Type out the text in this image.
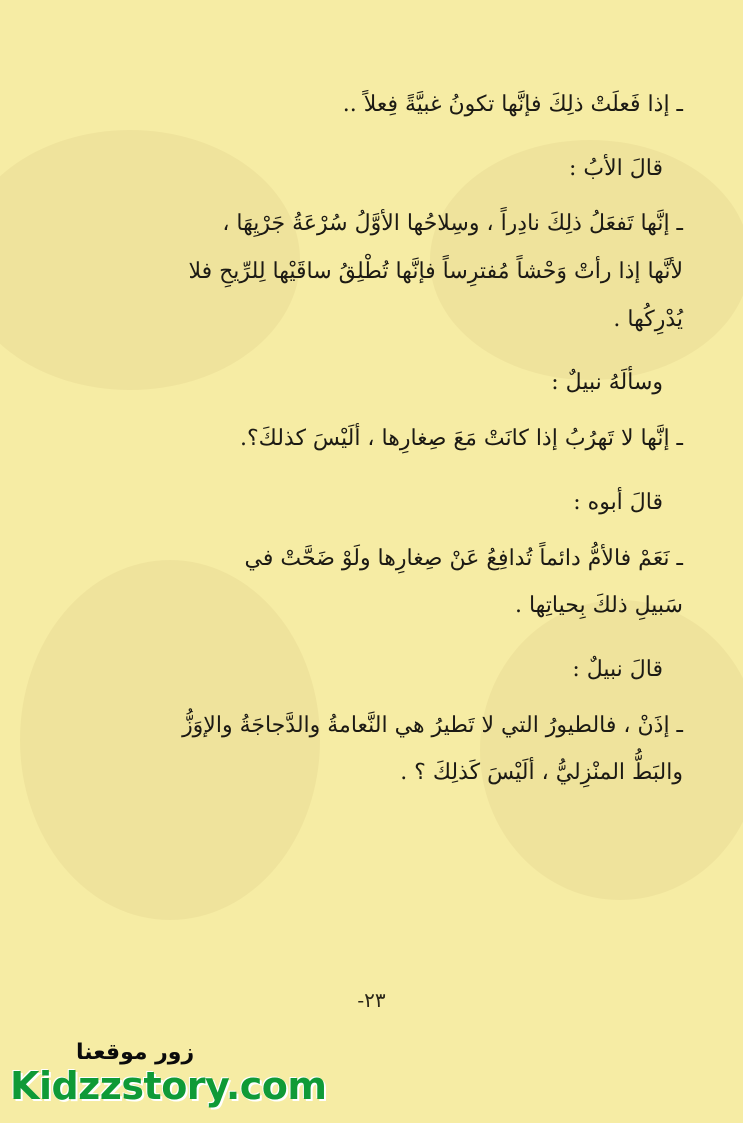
ـ إذا فَعلَتْ ذلِكَ فإنَّها تكونُ غبيَّةً فِعلاً ..
قالَ الأبُ :
ـ إنَّها تَفعَلُ ذلِكَ نادِراً ، وسِلاحُها الأوَّلُ سُرْعَةُ جَرْيِهَا ،
لأنَّها إذا رأتْ وَحْشاً مُفترِساً فإنَّها تُطْلِقُ ساقَيْها لِلرِّيحِ فلا
يُدْرِكُها .
وسألَهُ نبيلٌ :
ـ إنَّها لا تَهرُبُ إذا كانَتْ مَعَ صِغارِها ، ألَيْسَ كذلكَ؟.
قالَ أبوه :
ـ نَعَمْ فالأمُّ دائماً تُدافِعُ عَنْ صِغارِها ولَوْ ضَحَّتْ في
سَبيلِ ذلكَ بِحياتِها .
قالَ نبيلٌ :
ـ إذَنْ ، فالطيورُ التي لا تَطيرُ هي النَّعامةُ والدَّجاجَةُ والإوَزُّ
والبَطُّ المنْزِليُّ ، ألَيْسَ كَذلِكَ ؟ .
-٢٣
زور موقعنا
Kidzzstory.com
